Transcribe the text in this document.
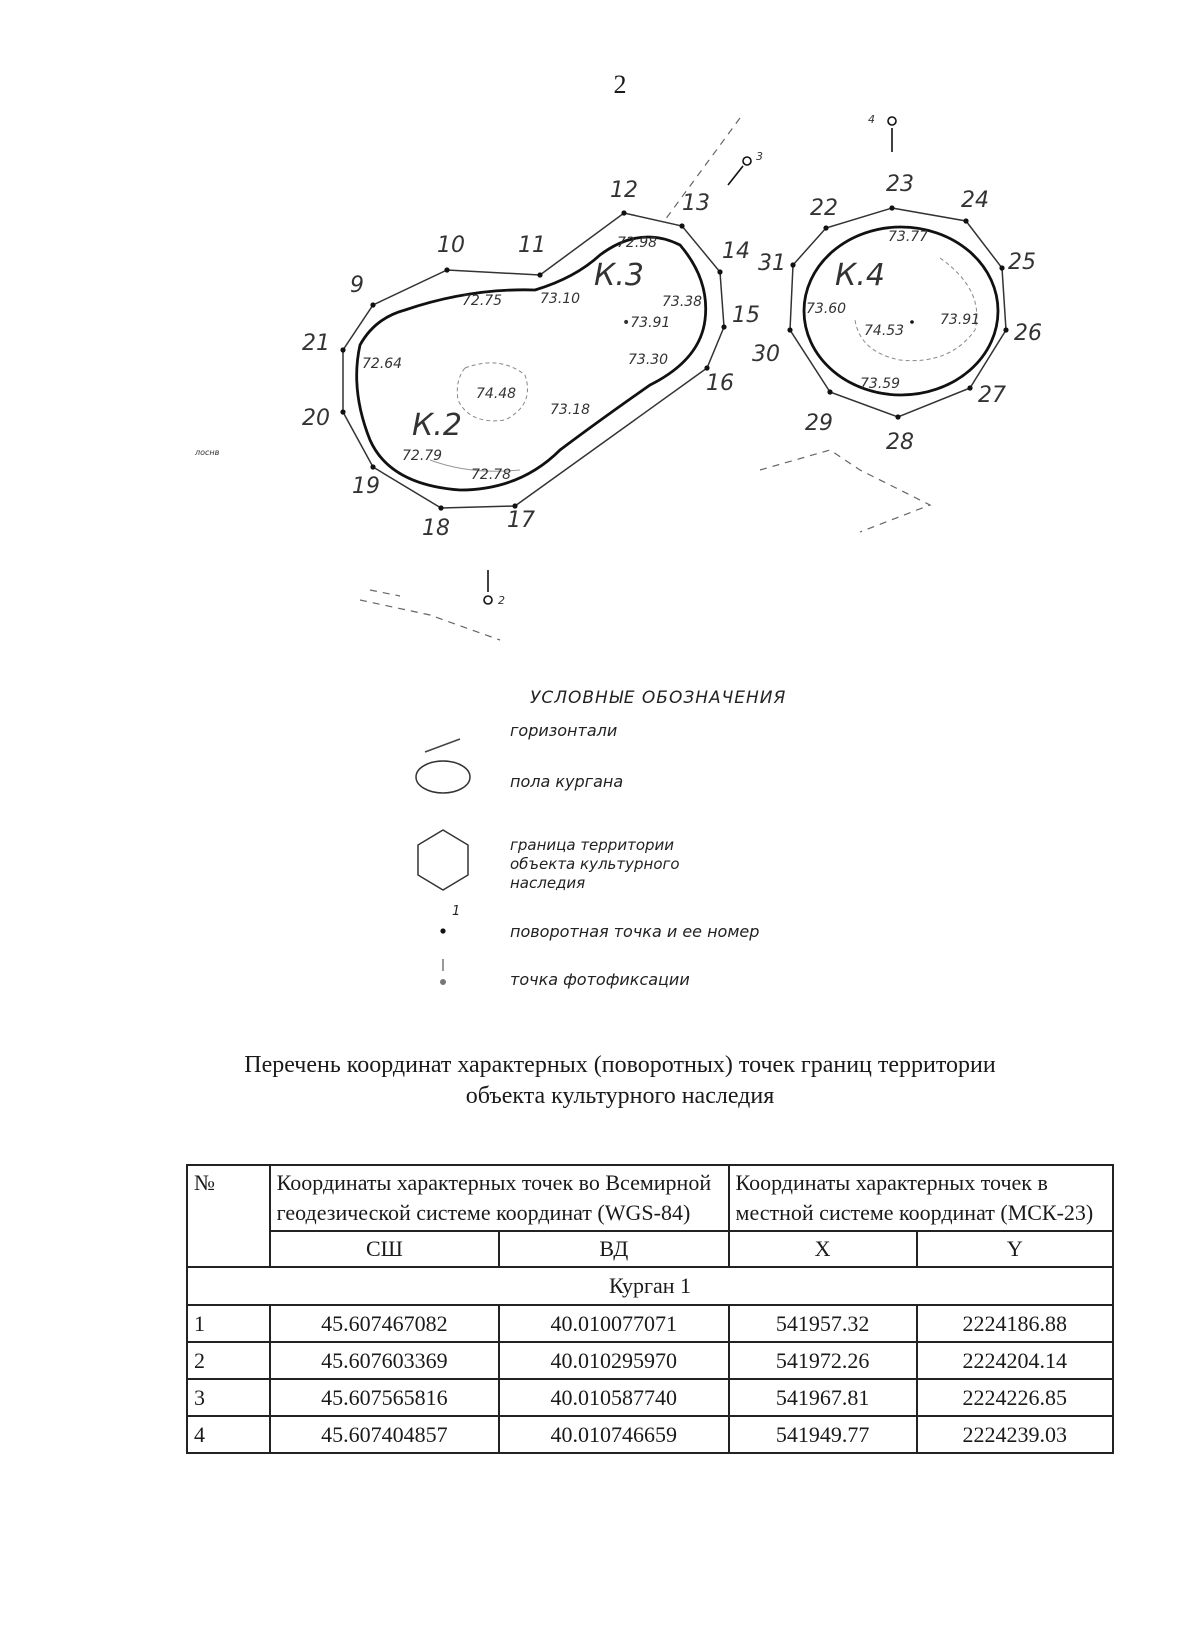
2
9
10 11
12
13
14
15
16
17
18
19
20
21
22
23
24
25
26
27
28
29
30
31
2
3
4
К.2
К.3	К.4
72.98
72.75	73.10	73.38
•73.91
73.30
72.64
74.48
73.18
72.79
72.78
73.77
73.60
74.53
73.91
73.59
лоснв
УСЛОВНЫЕ ОБОЗНАЧЕНИЯ
горизонтали
пола кургана
граница территории
объекта культурного
наследия
1
поворотная точка и ее номер
точка фотофиксации
Перечень координат характерных (поворотных) точек границ территории
объекта культурного наследия
№	Координаты характерных точек во Всемирной геодезической системе координат (WGS-84)		Координаты характерных точек в местной системе координат (МСК-23)	
	СШ	ВД	X	Y
Курган 1				
1	45.607467082	40.010077071	541957.32	2224186.88
2	45.607603369	40.010295970	541972.26	2224204.14
3	45.607565816	40.010587740	541967.81	2224226.85
4	45.607404857	40.010746659	541949.77	2224239.03
